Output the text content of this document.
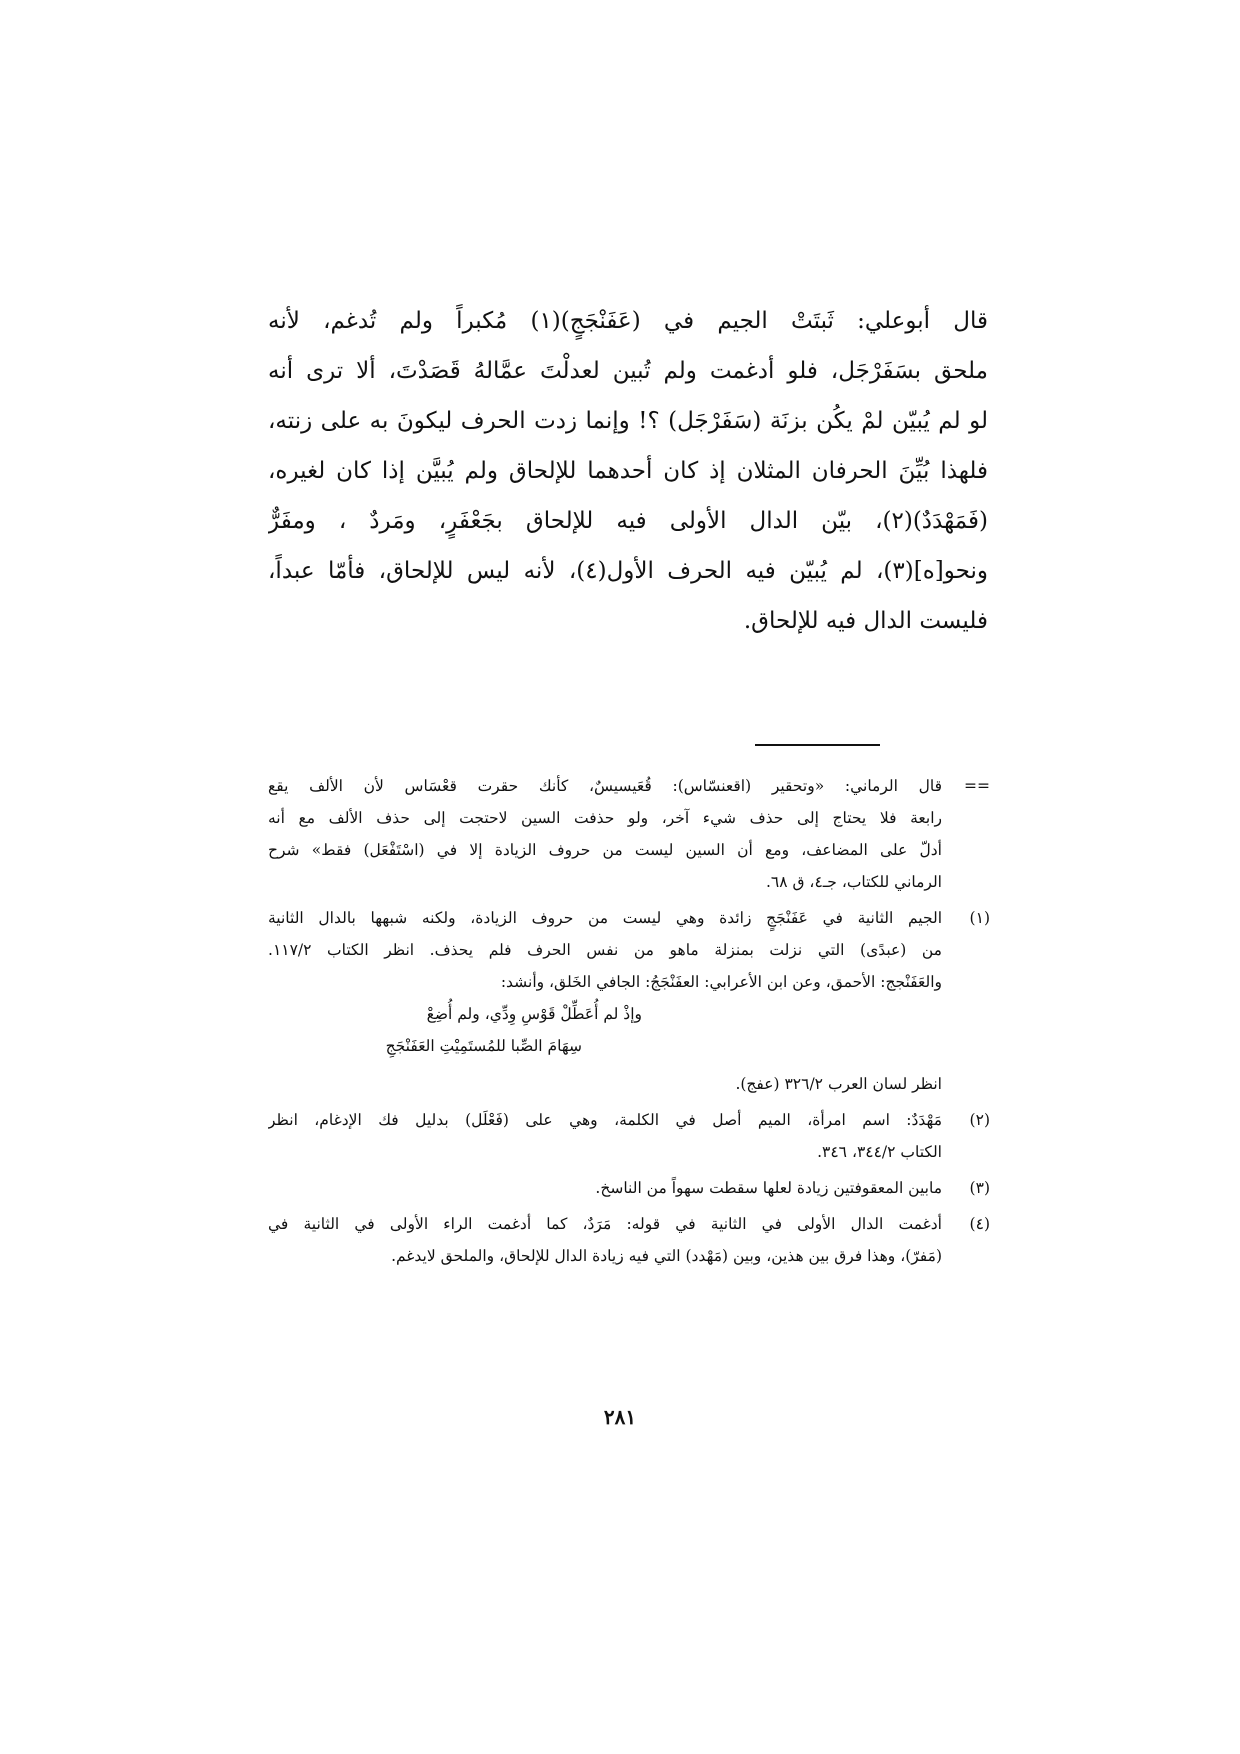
قال أبوعلي: ثَبتَتْ الجيم في (عَفَنْجَجٍ)(١) مُكبراً ولم تُدغم، لأنه
ملحق بسَفَرْجَل، فلو أدغمت ولم تُبين لعدلْتَ عمَّالهُ قَصَدْتَ، ألا ترى أنه
لو لم يُبيّن لمْ يكُن بزنَة (سَفَرْجَل) ؟! وإنما زدت الحرف ليكونَ به على زنته،
فلهذا بُيِّنَ الحرفان المثلان إذ كان أحدهما للإلحاق ولم يُبيَّن إذا كان لغيره،
(فَمَهْدَدٌ)(٢)، بيّن الدال الأولى فيه للإلحاق بجَعْفَرٍ، ومَردٌ ، ومفَرٌّ
ونحو[ه](٣)، لم يُبيّن فيه الحرف الأول(٤)، لأنه ليس للإلحاق، فأمّا عبداً،
فليست الدال فيه للإلحاق.

==
قال الرماني: «وتحقير (اقعنسّاس): قُعَيسيسٌ، كأنك حقرت قعْسَاس لأن الألف يقع
رابعة فلا يحتاج إلى حذف شيء آخر، ولو حذفت السين لاحتجت إلى حذف الألف مع أنه
أدلّ على المضاعف، ومع أن السين ليست من حروف الزيادة إلا في (اسْتَفْعَل) فقط» شرح
الرماني للكتاب، جـ٤، ق ٦٨.
(١)
الجيم الثانية في عَفَنْجَجٍ زائدة وهي ليست من حروف الزيادة، ولكنه شبهها بالدال الثانية
من (عبدًى) التي نزلت بمنزلة ماهو من نفس الحرف فلم يحذف. انظر الكتاب ١١٧/٢.
والعَفَنْجج: الأحمق، وعن ابن الأعرابي: العفَنْجَجُ: الجافي الخَلق، وأنشد:
وإذْ لم أُعَطِّلْ قَوْسِ وِدِّي، ولم أُضِعْ
سِهَامَ الصِّبا للمُستَمِيْتِ العَفَنْجَجِ
انظر لسان العرب ٣٢٦/٢ (عفج).
(٢)
مَهْدَدٌ: اسم امرأة، الميم أصل في الكلمة، وهي على (فَعْلَل) بدليل فك الإدغام، انظر
الكتاب ٣٤٤/٢، ٣٤٦.
(٣)
مابين المعقوفتين زيادة لعلها سقطت سهواً من الناسخ.
(٤)
أدغمت الدال الأولى في الثانية في قوله: مَرَدٌ، كما أدغمت الراء الأولى في الثانية في
(مَفرّ)، وهذا فرق بين هذين، وبين (مَهْدد) التي فيه زيادة الدال للإلحاق، والملحق لايدغم.
٢٨١
